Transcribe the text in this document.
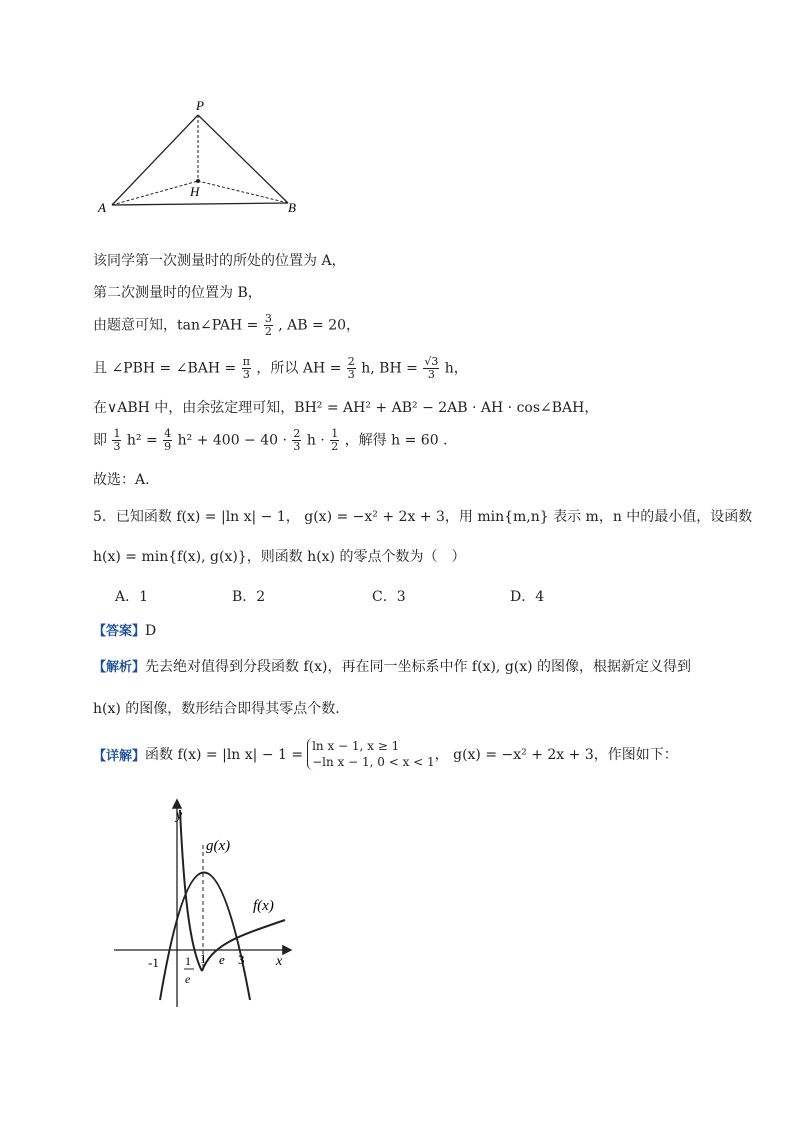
P
H
A	B
该同学第一次测量时的所处的位置为 A，
第二次测量时的位置为 B，
由题意可知，tan∠PAH = $\frac{3}{2}$ , AB = 20，
且 ∠PBH = ∠BAH = $\frac{\pi}{3}$ ，所以 AH = $\frac{2}{3} h$, BH = $\frac{√3}{3}$ h，
在∨ABH 中，由余弦定理可知，BH² = AH² + AB² − 2AB · AH · cos∠BAH，
即 $\frac{1}{3} h^2 = \frac{4}{9} h^2 + 400 - 40 \cdot \frac{2}{3}$ $h \cdot \frac{1}{2}$ ，解得 h = 60 .
故选：A.
5．已知函数 f(x) = |ln x| − 1， g(x) = −x² + 2x + 3，用 min{m,n} 表示 m，n 中的最小值，设函数
h(x) = min{f(x), g(x)}，则函数 h(x) 的零点个数为（　）
A．1	B．2	C．3	D．4
【答案】D
【解析】先去绝对值得到分段函数 f(x)，再在同一坐标系中作 f(x), g(x) 的图像，根据新定义得到
h(x) 的图像，数形结合即得其零点个数.
【详解】 函数 f(x) = |ln x| − 1 =
ln x − 1, x ≥ 1
−ln x − 1, 0 < x < 1 ， g(x) = −x² + 2x + 3，作图如下：
y
x
g(x)
f(x)
-1 1
e
1 e 3
